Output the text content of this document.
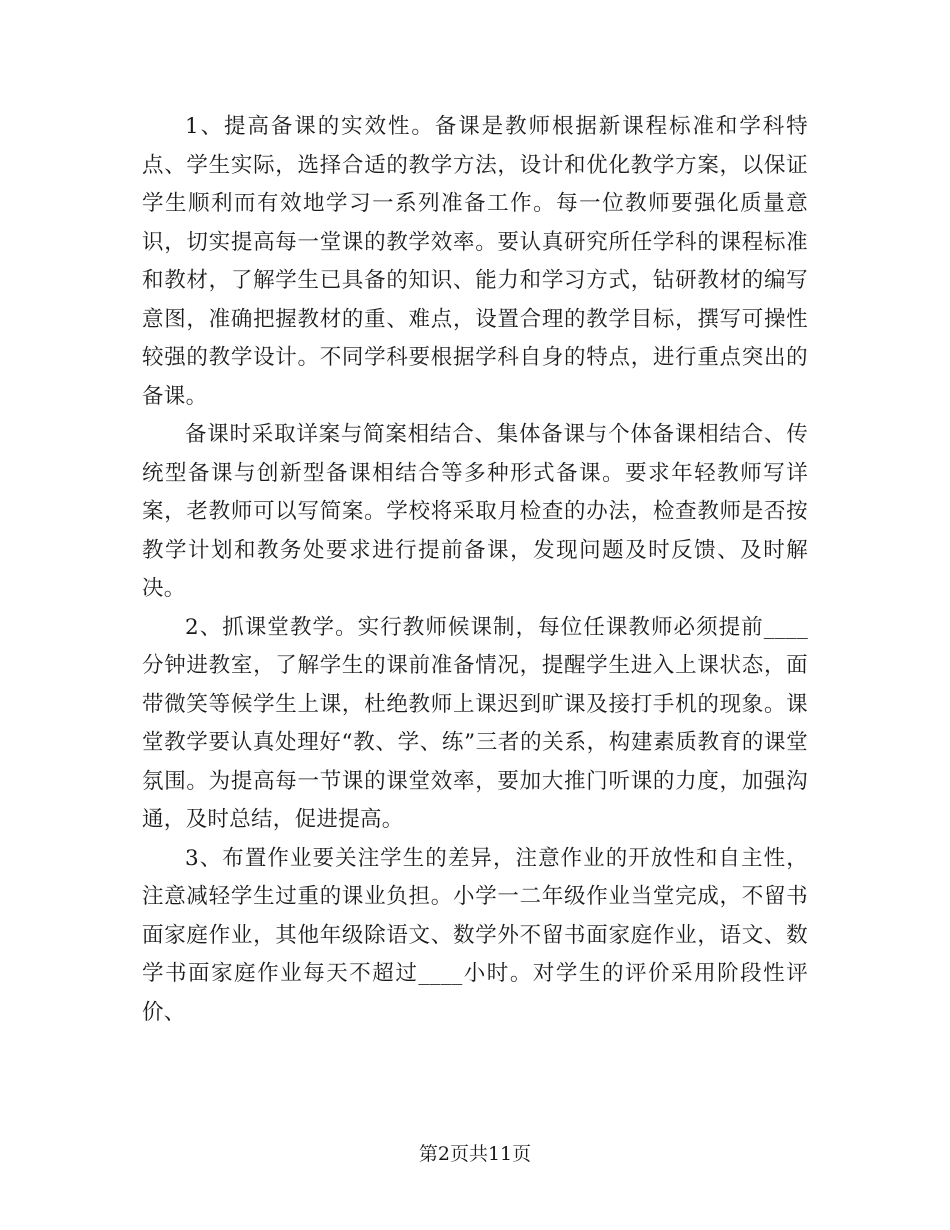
1、提高备课的实效性。备课是教师根据新课程标准和学科特点、学生实际，选择合适的教学方法，设计和优化教学方案，以保证学生顺利而有效地学习一系列准备工作。每一位教师要强化质量意识，切实提高每一堂课的教学效率。要认真研究所任学科的课程标准和教材，了解学生已具备的知识、能力和学习方式，钻研教材的编写意图，准确把握教材的重、难点，设置合理的教学目标，撰写可操性较强的教学设计。不同学科要根据学科自身的特点，进行重点突出的备课。

备课时采取详案与简案相结合、集体备课与个体备课相结合、传统型备课与创新型备课相结合等多种形式备课。要求年轻教师写详案，老教师可以写简案。学校将采取月检查的办法，检查教师是否按教学计划和教务处要求进行提前备课，发现问题及时反馈、及时解决。

2、抓课堂教学。实行教师候课制，每位任课教师必须提前____分钟进教室，了解学生的课前准备情况，提醒学生进入上课状态，面带微笑等候学生上课，杜绝教师上课迟到旷课及接打手机的现象。课堂教学要认真处理好“教、学、练”三者的关系，构建素质教育的课堂氛围。为提高每一节课的课堂效率，要加大推门听课的力度，加强沟通，及时总结，促进提高。

3、布置作业要关注学生的差异，注意作业的开放性和自主性，注意减轻学生过重的课业负担。小学一二年级作业当堂完成，不留书面家庭作业，其他年级除语文、数学外不留书面家庭作业，语文、数学书面家庭作业每天不超过____小时。对学生的评价采用阶段性评价、

第2页共11页
